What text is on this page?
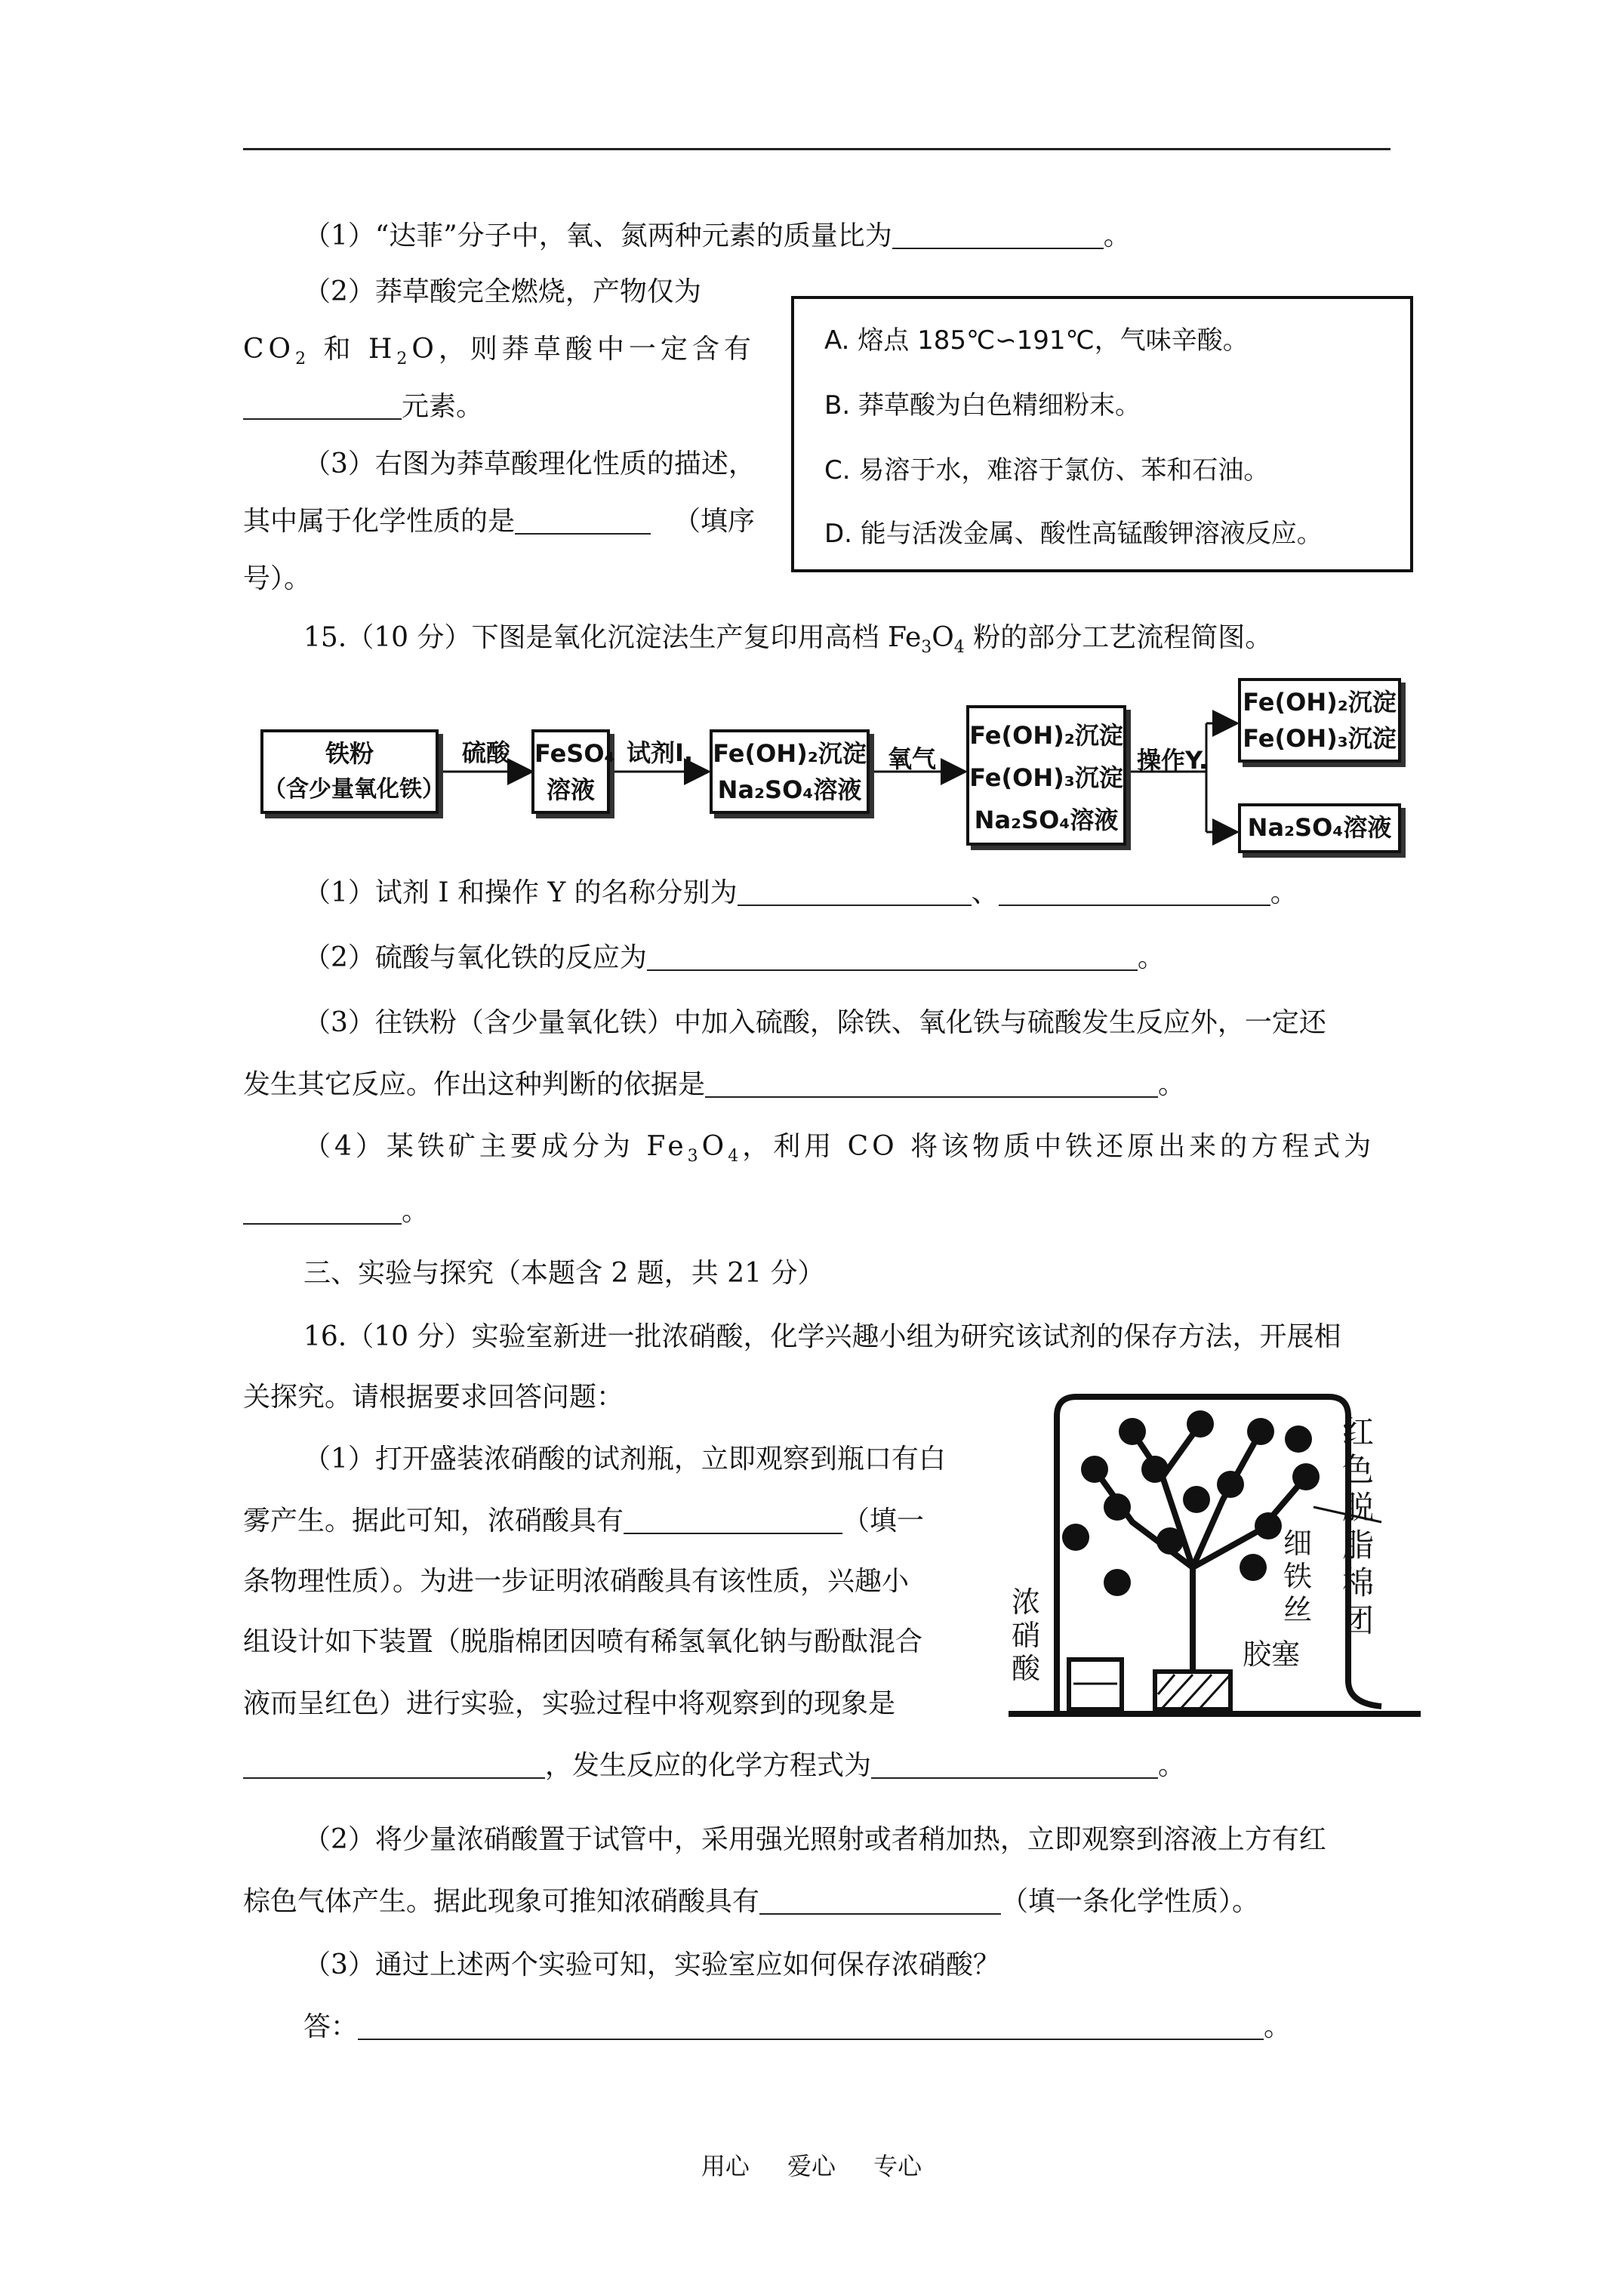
（1）“达菲”分子中，氧、氮两种元素的质量比为	。
（2）莽草酸完全燃烧，产物仅为
$CO_2$ 和 $H_2O$，则莽草酸中一定含有
元素。
（3）右图为莽草酸理化性质的描述，
其中属于化学性质的是	（填序
号）。
A. 熔点 185℃∽191℃，气味辛酸。
B. 莽草酸为白色精细粉末。
C. 易溶于水，难溶于氯仿、苯和石油。
D. 能与活泼金属、酸性高锰酸钾溶液反应。
15.（10 分）下图是氧化沉淀法生产复印用高档 $Fe_3O_4$ 粉的部分工艺流程简图。
铁粉
（含少量氧化铁）
硫酸 FeSO₄
溶液
试剂I. Fe(OH)₂沉淀
Na₂SO₄溶液
氧气
Fe(OH)₂沉淀
Fe(OH)₃沉淀
Na₂SO₄溶液
操作Y.
Fe(OH)₂沉淀
Fe(OH)₃沉淀
Na₂SO₄溶液
（1）试剂 I 和操作 Y 的名称分别为	、	。
（2）硫酸与氧化铁的反应为	。
（3）往铁粉（含少量氧化铁）中加入硫酸，除铁、氧化铁与硫酸发生反应外，一定还
发生其它反应。作出这种判断的依据是	。
（4）某铁矿主要成分为 $Fe_3O_4$，利用 CO 将该物质中铁还原出来的方程式为
。
三、实验与探究（本题含 2 题，共 21 分）
16.（10 分）实验室新进一批浓硝酸，化学兴趣小组为研究该试剂的保存方法，开展相
关探究。请根据要求回答问题：
（1）打开盛装浓硝酸的试剂瓶，立即观察到瓶口有白
雾产生。据此可知，浓硝酸具有	（填一
条物理性质）。为进一步证明浓硝酸具有该性质，兴趣小
组设计如下装置（脱脂棉团因喷有稀氢氧化钠与酚酞混合
液而呈红色）进行实验，实验过程中将观察到的现象是
，发生反应的化学方程式为	。
红色脱脂棉团
细铁丝
浓硝酸	胶塞
（2）将少量浓硝酸置于试管中，采用强光照射或者稍加热，立即观察到溶液上方有红
棕色气体产生。据此现象可推知浓硝酸具有	（填一条化学性质）。
（3）通过上述两个实验可知，实验室应如何保存浓硝酸？
答：	。
用心 爱心 专心
